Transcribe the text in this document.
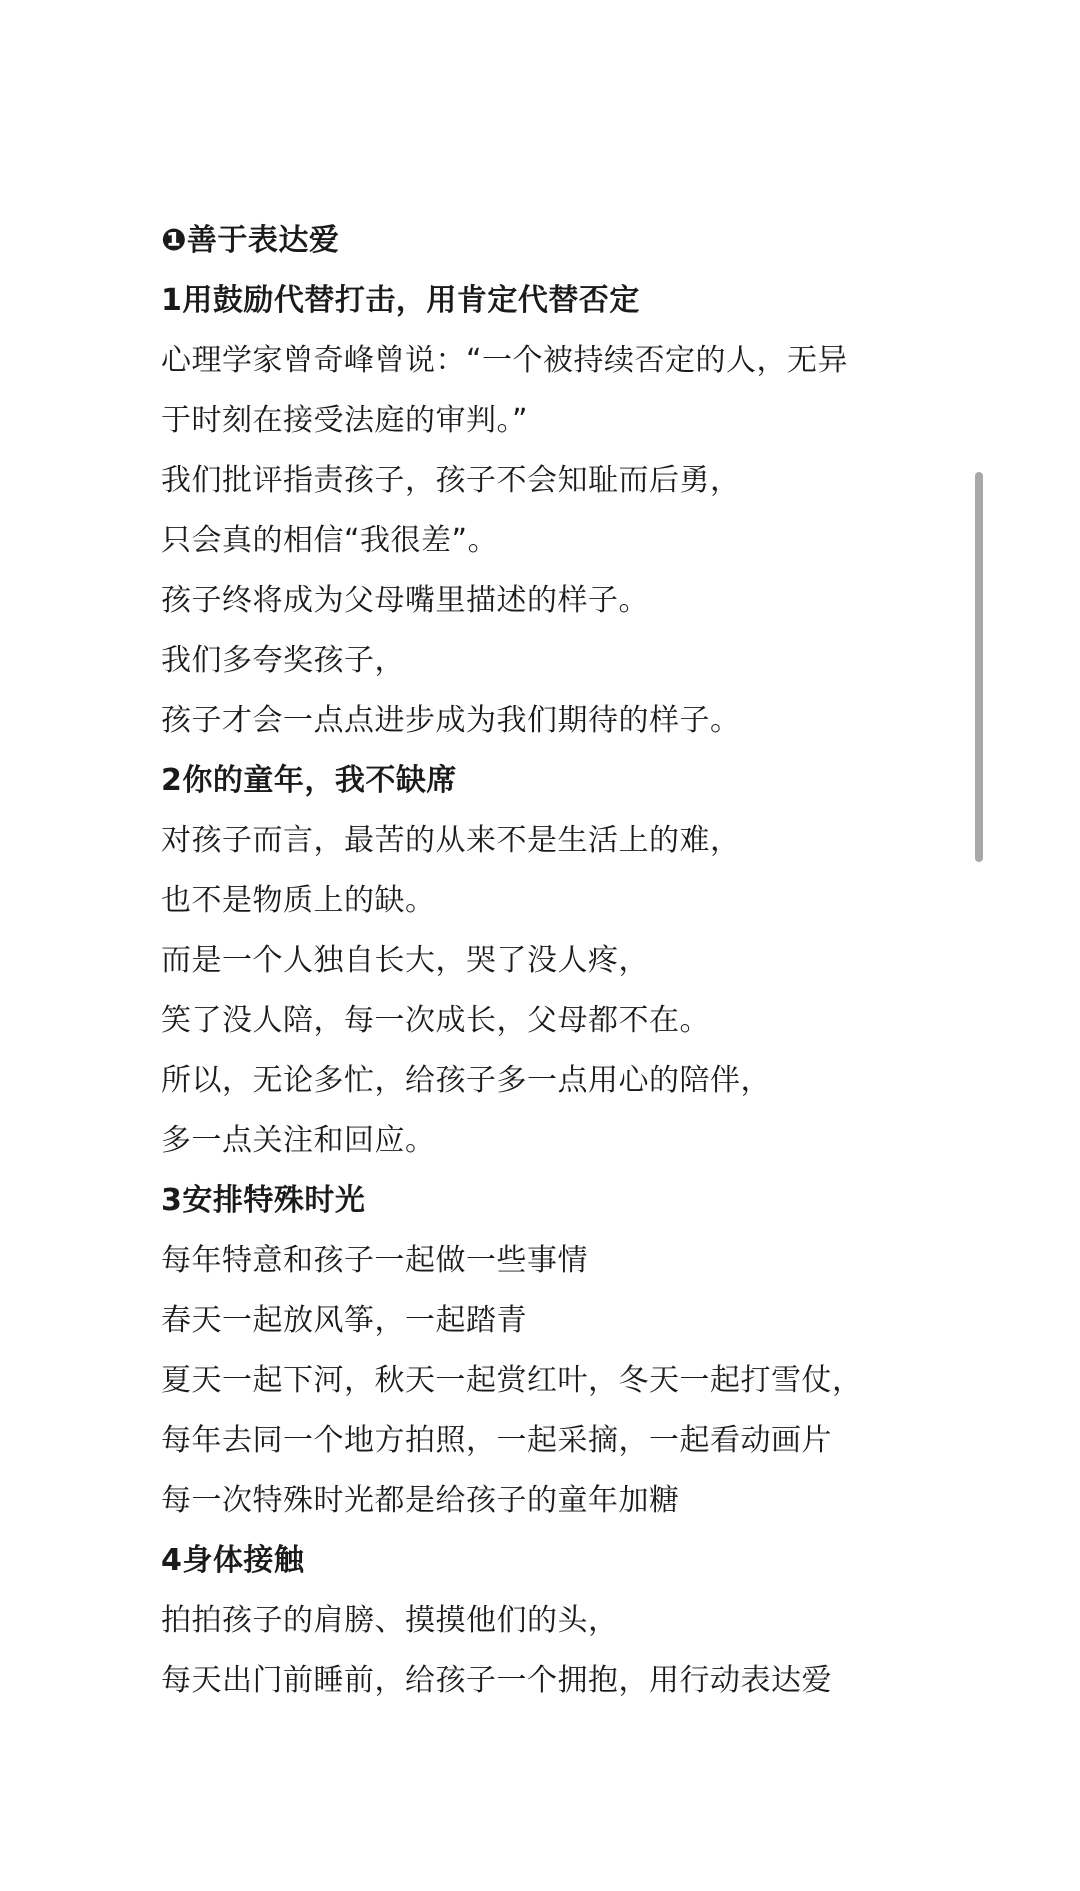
❶善于表达爱
1用鼓励代替打击，用肯定代替否定
心理学家曾奇峰曾说：“一个被持续否定的人，无异
于时刻在接受法庭的审判。”
我们批评指责孩子，孩子不会知耻而后勇，
只会真的相信“我很差”。
孩子终将成为父母嘴里描述的样子。
我们多夸奖孩子，
孩子才会一点点进步成为我们期待的样子。
2你的童年，我不缺席
对孩子而言，最苦的从来不是生活上的难，
也不是物质上的缺。
而是一个人独自长大，哭了没人疼，
笑了没人陪，每一次成长，父母都不在。
所以，无论多忙，给孩子多一点用心的陪伴，
多一点关注和回应。
3安排特殊时光
每年特意和孩子一起做一些事情
春天一起放风筝，一起踏青
夏天一起下河，秋天一起赏红叶，冬天一起打雪仗，
每年去同一个地方拍照，一起采摘，一起看动画片
每一次特殊时光都是给孩子的童年加糖
4身体接触
拍拍孩子的肩膀、摸摸他们的头，
每天出门前睡前，给孩子一个拥抱，用行动表达爱
